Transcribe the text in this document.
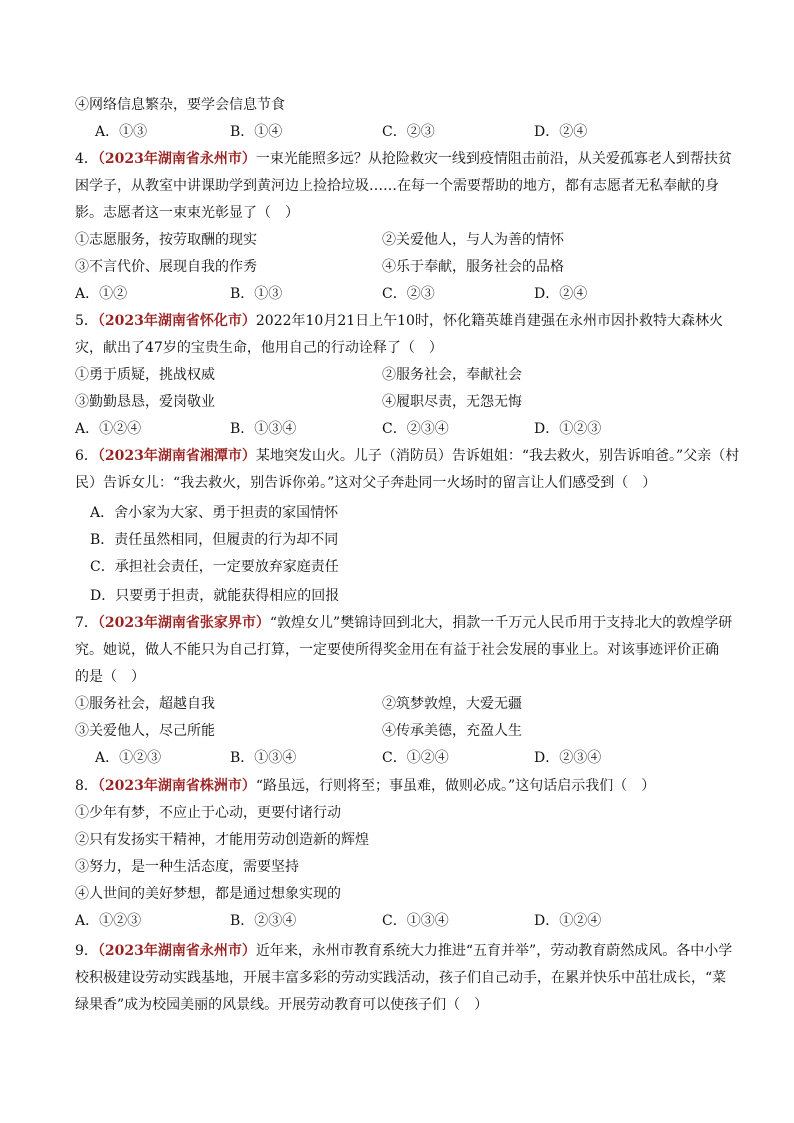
④网络信息繁杂，要学会信息节食
A．①③	B．①④	C．②③	D．②④
4．（2023年湖南省永州市）一束光能照多远？从抢险救灾一线到疫情阻击前沿，从关爱孤寡老人到帮扶贫
困学子，从教室中讲课助学到黄河边上捡拾垃圾……在每一个需要帮助的地方，都有志愿者无私奉献的身
影。志愿者这一束束光彰显了（　）
①志愿服务，按劳取酬的现实	②关爱他人，与人为善的情怀
③不言代价、展现自我的作秀	④乐于奉献，服务社会的品格
A．①②	B．①③	C．②③	D．②④
5．（2023年湖南省怀化市）2022年10月21日上午10时，怀化籍英雄肖建强在永州市因扑救特大森林火
灾，献出了47岁的宝贵生命，他用自己的行动诠释了（　）
①勇于质疑，挑战权威	②服务社会，奉献社会
③勤勤恳恳，爱岗敬业	④履职尽责，无怨无悔
A．①②④	B．①③④	C．②③④	D．①②③
6．（2023年湖南省湘潭市）某地突发山火。儿子（消防员）告诉姐姐：“我去救火，别告诉咱爸。”父亲（村
民）告诉女儿：“我去救火，别告诉你弟。”这对父子奔赴同一火场时的留言让人们感受到（　）
A．舍小家为大家、勇于担责的家国情怀
B．责任虽然相同，但履责的行为却不同
C．承担社会责任，一定要放弃家庭责任
D．只要勇于担责，就能获得相应的回报
7．（2023年湖南省张家界市）“敦煌女儿”樊锦诗回到北大，捐款一千万元人民币用于支持北大的敦煌学研
究。她说，做人不能只为自己打算，一定要使所得奖金用在有益于社会发展的事业上。对该事迹评价正确
的是（　）
①服务社会，超越自我	②筑梦敦煌，大爱无疆
③关爱他人，尽己所能	④传承美德，充盈人生
A．①②③	B．①③④	C．①②④	D．②③④
8．（2023年湖南省株洲市）“路虽远，行则将至；事虽难，做则必成。”这句话启示我们（　）
①少年有梦，不应止于心动，更要付诸行动
②只有发扬实干精神，才能用劳动创造新的辉煌
③努力，是一种生活态度，需要坚持
④人世间的美好梦想，都是通过想象实现的
A．①②③	B．②③④	C．①③④	D．①②④
9．（2023年湖南省永州市）近年来，永州市教育系统大力推进“五育并举”，劳动教育蔚然成风。各中小学
校积极建设劳动实践基地，开展丰富多彩的劳动实践活动，孩子们自己动手，在累并快乐中茁壮成长，“菜
绿果香”成为校园美丽的风景线。开展劳动教育可以使孩子们（　）
